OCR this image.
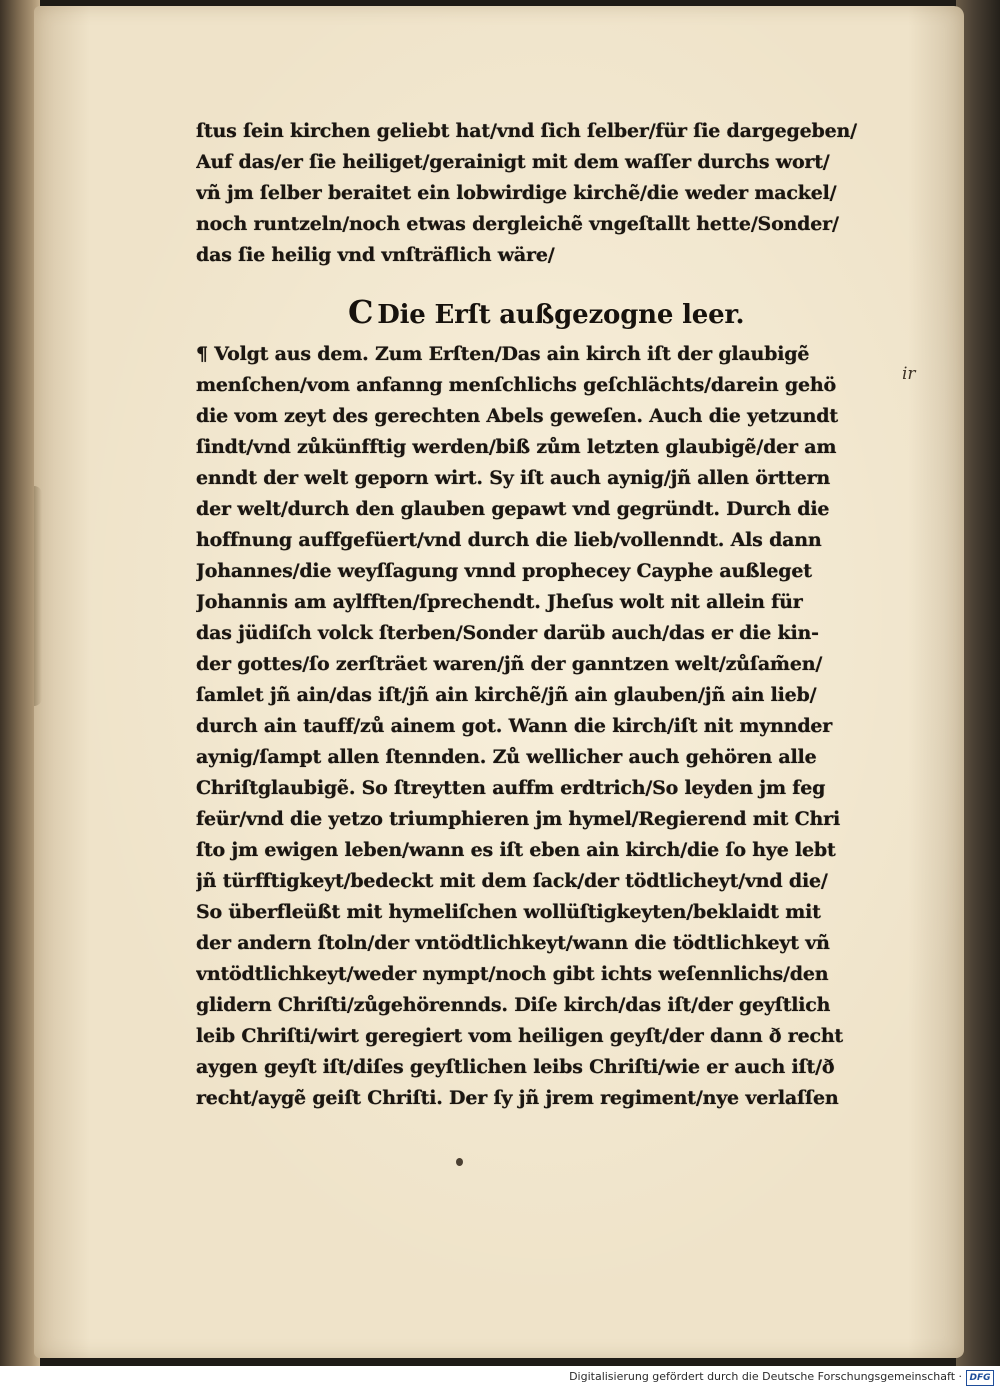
ſtus ſein kirchen geliebt hat/vnd ſich ſelber/für ſie dargegeben/
Auf das/er ſie heiliget/gerainigt mit dem waſſer durchs wort/
vñ jm ſelber beraitet ein lobwirdige kirchẽ/die weder mackel/
noch runtzeln/noch etwas dergleichẽ vngeſtallt hette/Sonder/
das ſie heilig vnd vnſträflich wäre/
C Die Erſt außgezogne leer.
¶ Volgt aus dem. Zum Erſten/Das ain kirch iſt der glaubigẽ
menſchen/vom anfanng menſchlichs geſchlächts/darein gehö
die vom zeyt des gerechten Abels geweſen. Auch die yetzundt
ſindt/vnd zůkünfftig werden/biß zům letzten glaubigẽ/der am
enndt der welt geporn wirt. Sy iſt auch aynig/jñ allen örttern
der welt/durch den glauben gepawt vnd gegründt. Durch die
hoffnung auffgefüert/vnd durch die lieb/vollenndt. Als dann
Johannes/die weyſſagung vnnd prophecey Cayphe außleget
Johannis am aylfften/ſprechendt. Jheſus wolt nit allein für
das jüdiſch volck ſterben/Sonder darüb auch/das er die kin-
der gottes/ſo zerſträet waren/jñ der ganntzen welt/zůſam̃en/
ſamlet jñ ain/das iſt/jñ ain kirchẽ/jñ ain glauben/jñ ain lieb/
durch ain tauff/zů ainem got. Wann die kirch/iſt nit mynnder
aynig/ſampt allen ſtennden. Zů wellicher auch gehören alle
Chriſtglaubigẽ. So ſtreytten auffm erdtrich/So leyden jm feg
feür/vnd die yetzo triumphieren jm hymel/Regierend mit Chri
ſto jm ewigen leben/wann es iſt eben ain kirch/die ſo hye lebt
jñ türfftigkeyt/bedeckt mit dem ſack/der tödtlicheyt/vnd die/
So überfleüßt mit hymeliſchen wollüſtigkeyten/beklaidt mit
der andern ſtoln/der vntödtlichkeyt/wann die tödtlichkeyt vñ
vntödtlichkeyt/weder nympt/noch gibt ichts weſennlichs/den
glidern Chriſti/zůgehörennds. Diſe kirch/das iſt/der geyſtlich
leib Chriſti/wirt geregiert vom heiligen geyſt/der dann ð recht
aygen geyſt iſt/diſes geyſtlichen leibs Chriſti/wie er auch iſt/ð
recht/aygẽ geiſt Chriſti. Der ſy jñ jrem regiment/nye verlaſſen
ir
Digitalisierung gefördert durch die Deutsche Forschungsgemeinschaft · DFG
